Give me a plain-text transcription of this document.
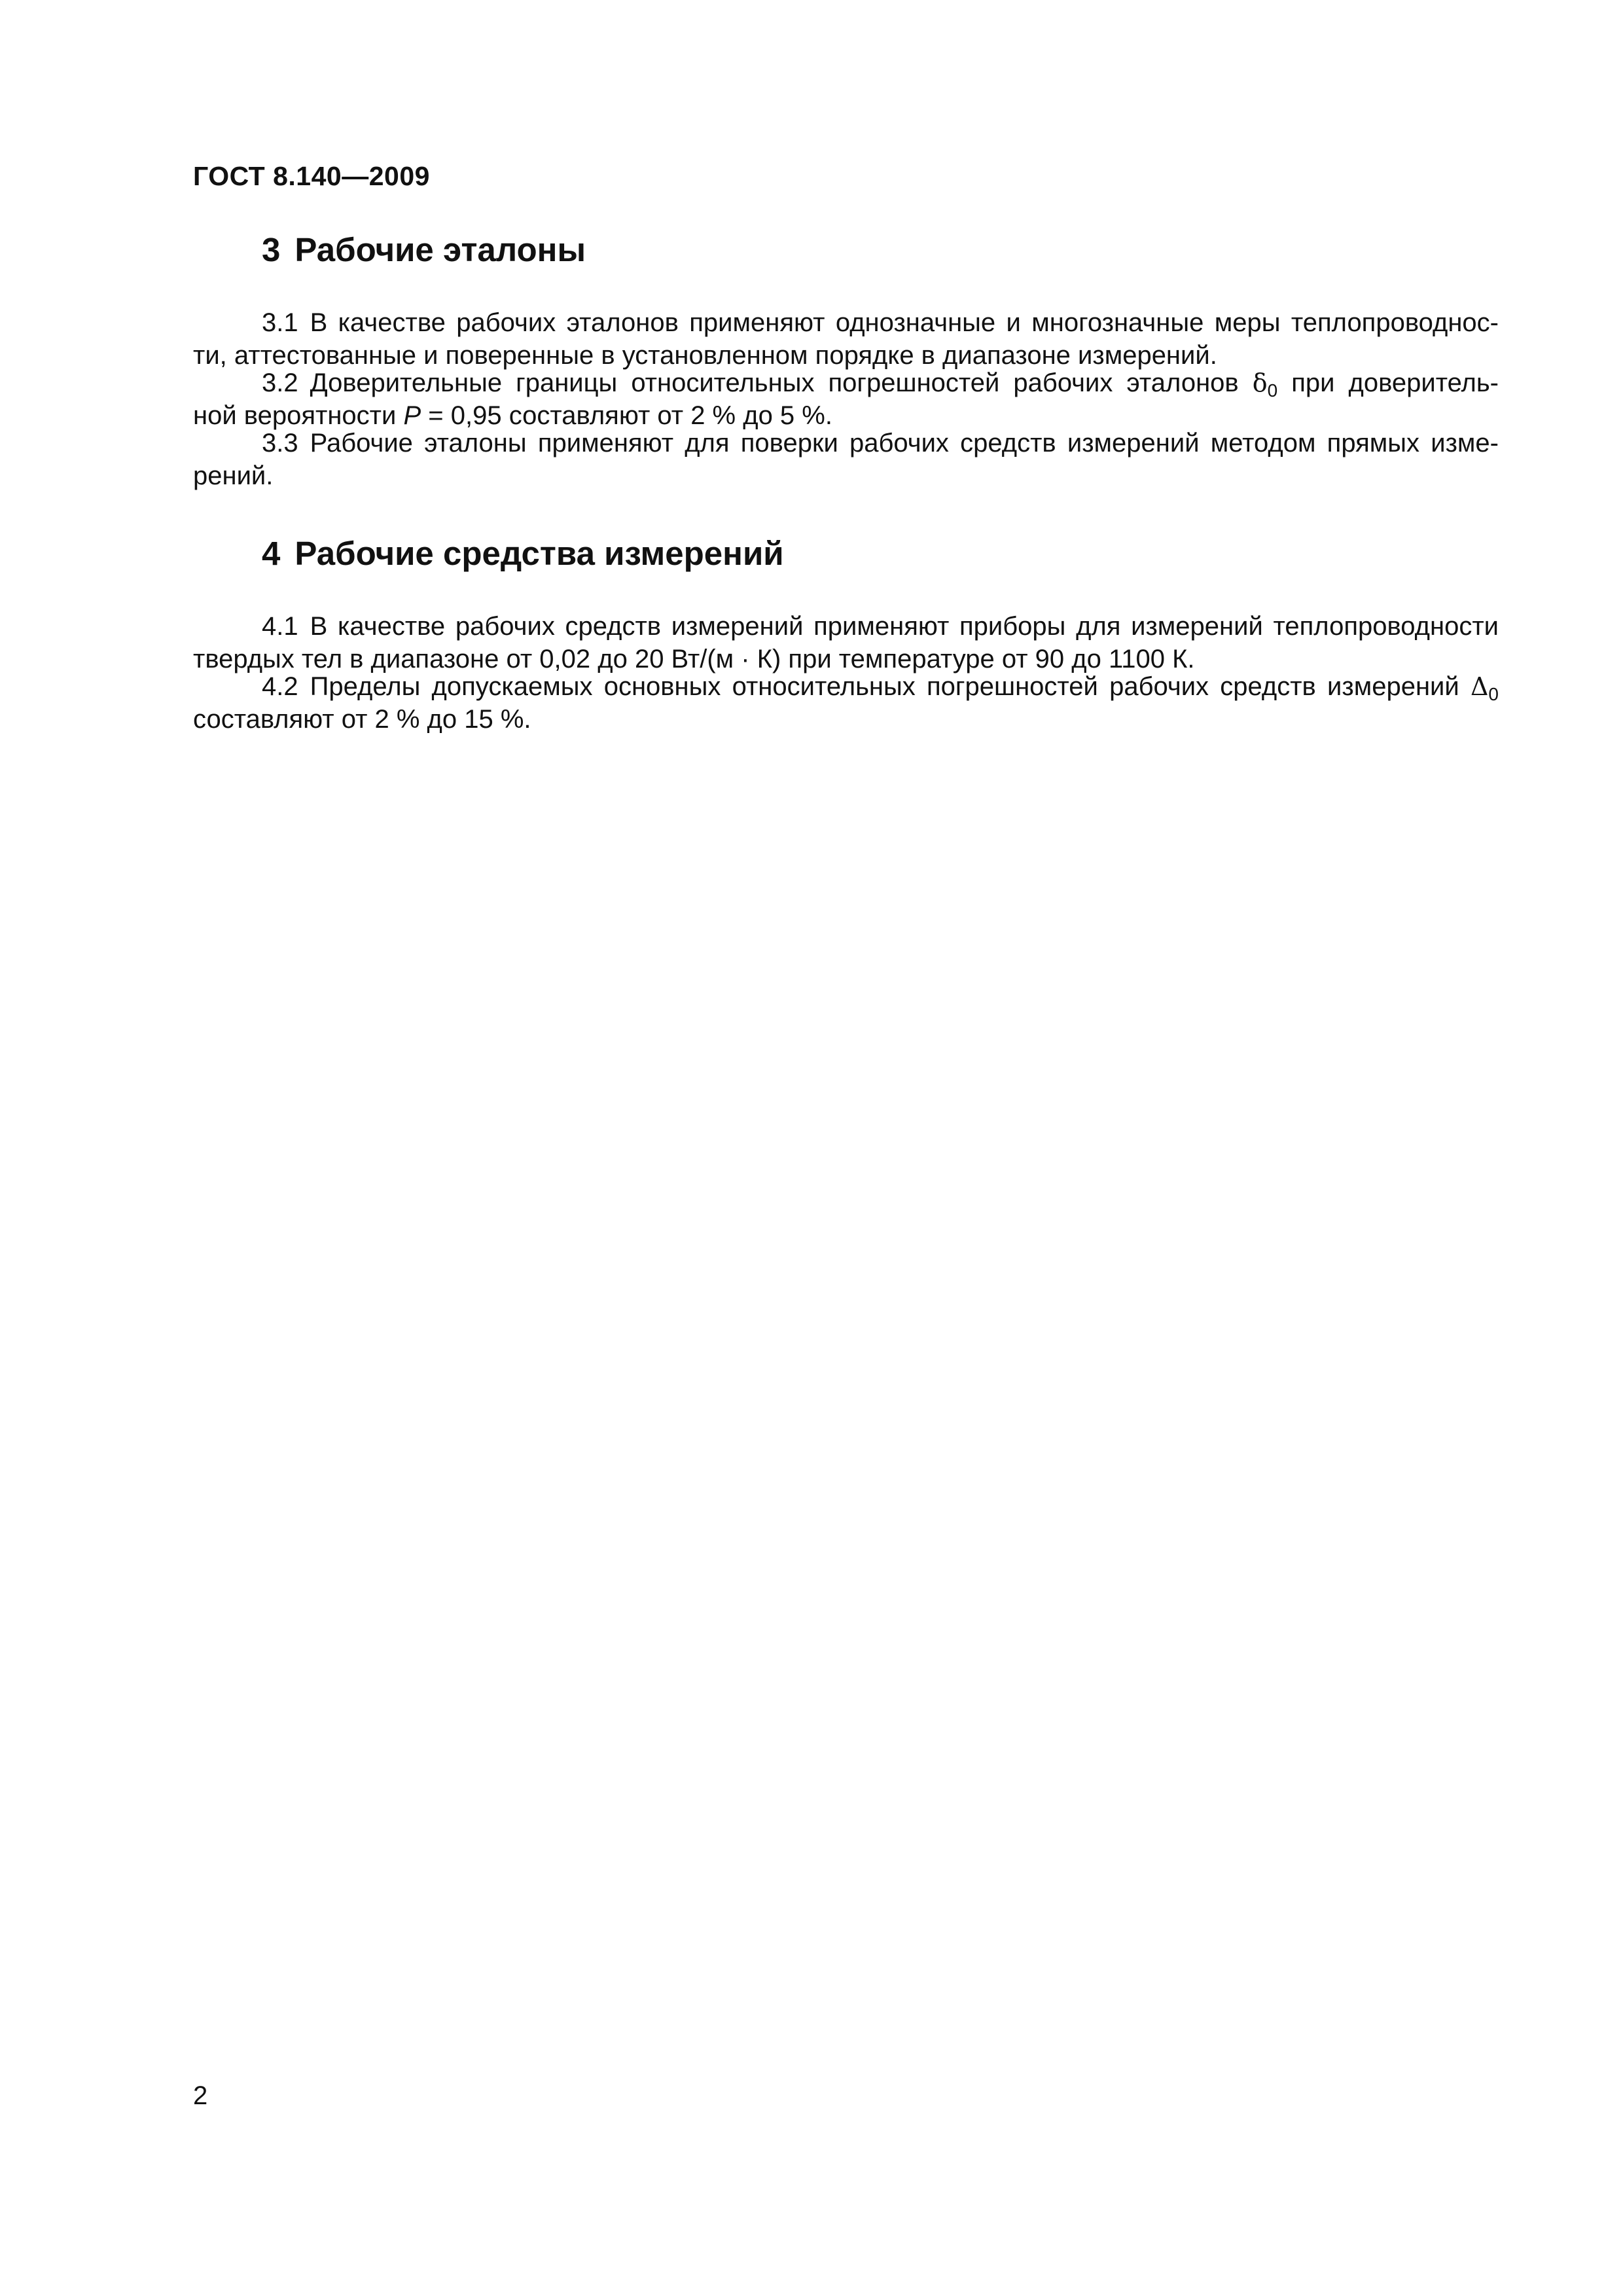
ГОСТ 8.140—2009
3 Рабочие эталоны
3.1 В качестве рабочих эталонов применяют однозначные и многозначные меры теплопроводнос-
ти, аттестованные и поверенные в установленном порядке в диапазоне измерений.
3.2 Доверительные границы относительных погрешностей рабочих эталонов $\delta_0$ при доверитель-
ной вероятности P = 0,95 составляют от 2 % до 5 %.
3.3 Рабочие эталоны применяют для поверки рабочих средств измерений методом прямых изме-
рений.
4 Рабочие средства измерений
4.1 В качестве рабочих средств измерений применяют приборы для измерений теплопроводности
твердых тел в диапазоне от 0,02 до 20 Вт/(м · К) при температуре от 90 до 1100 К.
4.2 Пределы допускаемых основных относительных погрешностей рабочих средств измерений $\Delta_0$
составляют от 2 % до 15 %.
2
